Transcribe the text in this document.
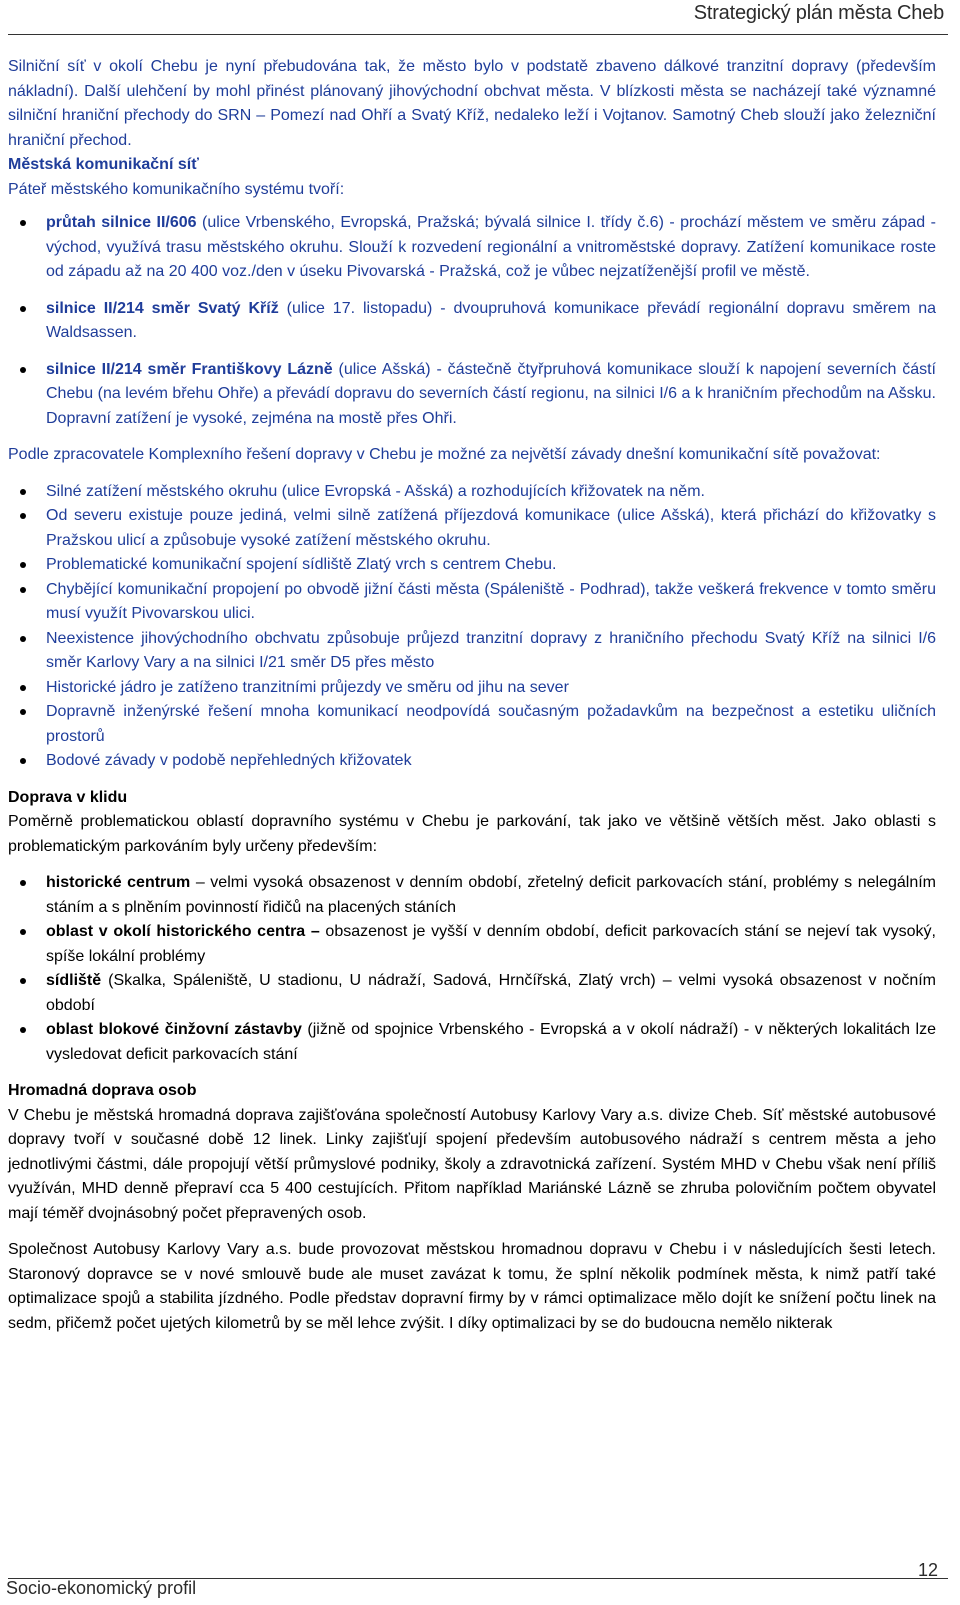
Strategický plán města Cheb

Silniční síť v okolí Chebu je nyní přebudována tak, že město bylo v podstatě zbaveno dálkové tranzitní dopravy (především nákladní). Další ulehčení by mohl přinést plánovaný jihovýchodní obchvat města. V blízkosti města se nacházejí také významné silniční hraniční přechody do SRN – Pomezí nad Ohří a Svatý Kříž, nedaleko leží i Vojtanov. Samotný Cheb slouží jako železniční hraniční přechod.

Městská komunikační síť

Páteř městského komunikačního systému tvoří:

průtah silnice II/606 (ulice Vrbenského, Evropská, Pražská; bývalá silnice I. třídy č.6) - prochází městem ve směru západ - východ, využívá trasu městského okruhu. Slouží k rozvedení regionální a vnitroměstské dopravy. Zatížení komunikace roste od západu až na 20 400 voz./den v úseku Pivovarská - Pražská, což je vůbec nejzatíženější profil ve městě.
silnice II/214 směr Svatý Kříž (ulice 17. listopadu) - dvoupruhová komunikace převádí regionální dopravu směrem na Waldsassen.
silnice II/214 směr Františkovy Lázně (ulice Ašská) - částečně čtyřpruhová komunikace slouží k napojení severních částí Chebu (na levém břehu Ohře) a převádí dopravu do severních částí regionu, na silnici I/6 a k hraničním přechodům na Ašsku. Dopravní zatížení je vysoké, zejména na mostě přes Ohři.

Podle zpracovatele Komplexního řešení dopravy v Chebu je možné za největší závady dnešní komunikační sítě považovat:

Silné zatížení městského okruhu (ulice Evropská - Ašská) a rozhodujících křižovatek na něm.
Od severu existuje pouze jediná, velmi silně zatížená příjezdová komunikace (ulice Ašská), která přichází do křižovatky s Pražskou ulicí a způsobuje vysoké zatížení městského okruhu.
Problematické komunikační spojení sídliště Zlatý vrch s centrem Chebu.
Chybějící komunikační propojení po obvodě jižní části města (Spáleniště - Podhrad), takže veškerá frekvence v tomto směru musí využít Pivovarskou ulici.
Neexistence jihovýchodního obchvatu způsobuje průjezd tranzitní dopravy z hraničního přechodu Svatý Kříž na silnici I/6 směr Karlovy Vary a na silnici I/21 směr D5 přes město
Historické jádro je zatíženo tranzitními průjezdy ve směru od jihu na sever
Dopravně inženýrské řešení mnoha komunikací neodpovídá současným požadavkům na bezpečnost a estetiku uličních prostorů
Bodové závady v podobě nepřehledných křižovatek

Doprava v klidu

Poměrně problematickou oblastí dopravního systému v Chebu je parkování, tak jako ve většině větších měst. Jako oblasti s problematickým parkováním byly určeny především:

historické centrum – velmi vysoká obsazenost v denním období, zřetelný deficit parkovacích stání, problémy s nelegálním stáním a s plněním povinností řidičů na placených stáních
oblast v okolí historického centra – obsazenost je vyšší v denním období, deficit parkovacích stání se nejeví tak vysoký, spíše lokální problémy
sídliště (Skalka, Spáleniště, U stadionu, U nádraží, Sadová, Hrnčířská, Zlatý vrch) – velmi vysoká obsazenost v nočním období
oblast blokové činžovní zástavby (jižně od spojnice Vrbenského - Evropská a v okolí nádraží) - v některých lokalitách lze vysledovat deficit parkovacích stání

Hromadná doprava osob

V Chebu je městská hromadná doprava zajišťována společností Autobusy Karlovy Vary a.s. divize Cheb. Síť městské autobusové dopravy tvoří v současné době 12 linek. Linky zajišťují spojení především autobusového nádraží s centrem města a jeho jednotlivými částmi, dále propojují větší průmyslové podniky, školy a zdravotnická zařízení. Systém MHD v Chebu však není příliš využíván, MHD denně přepraví cca 5 400 cestujících. Přitom například Mariánské Lázně se zhruba polovičním počtem obyvatel mají téměř dvojnásobný počet přepravených osob.

Společnost Autobusy Karlovy Vary a.s. bude provozovat městskou hromadnou dopravu v Chebu i v následujících šesti letech. Staronový dopravce se v nové smlouvě bude ale muset zavázat k tomu, že splní několik podmínek města, k nimž patří také optimalizace spojů a stabilita jízdného. Podle představ dopravní firmy by v rámci optimalizace mělo dojít ke snížení počtu linek na sedm, přičemž počet ujetých kilometrů by se měl lehce zvýšit. I díky optimalizaci by se do budoucna nemělo nikterak

12
Socio-ekonomický profil
